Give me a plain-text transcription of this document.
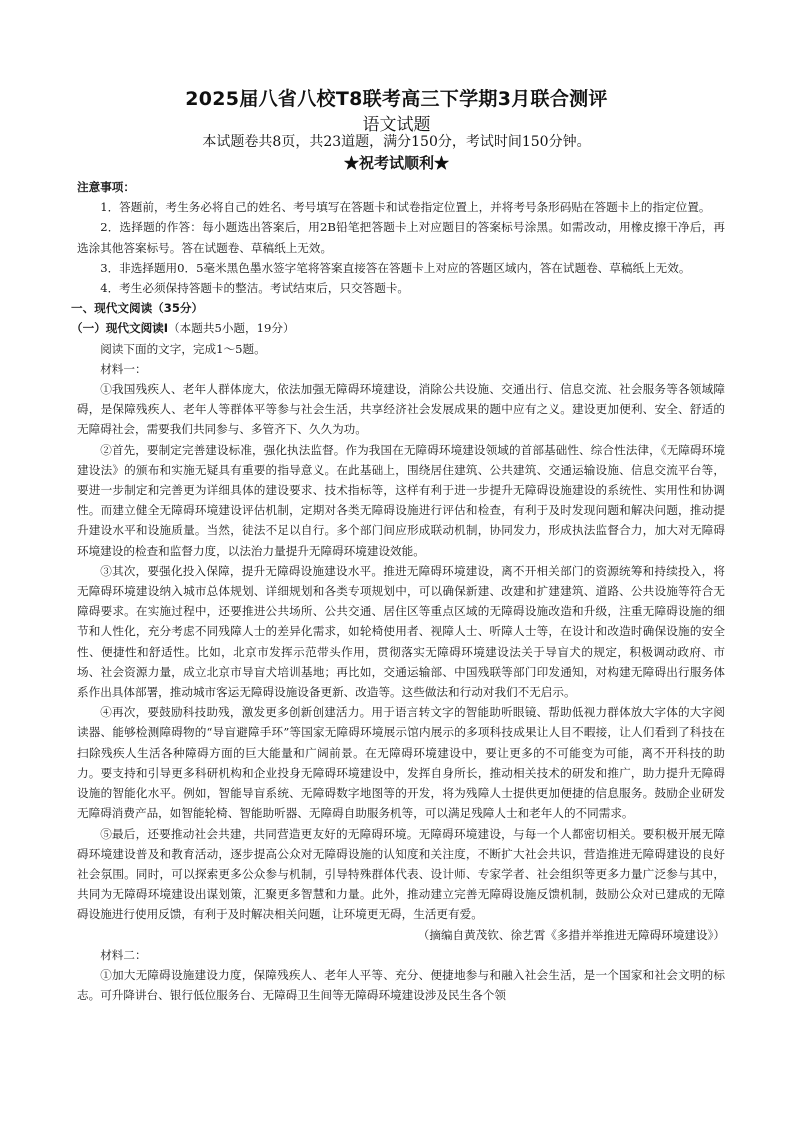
2025届八省八校T8联考高三下学期3月联合测评
语文试题
本试题卷共8页，共23道题，满分150分，考试时间150分钟。
★祝考试顺利★

注意事项：

1．答题前，考生务必将自己的姓名、考号填写在答题卡和试卷指定位置上，并将考号条形码贴在答题卡上的指定位置。

2．选择题的作答：每小题选出答案后，用2B铅笔把答题卡上对应题目的答案标号涂黑。如需改动，用橡皮擦干净后，再选涂其他答案标号。答在试题卷、草稿纸上无效。

3．非选择题用0．5毫米黑色墨水签字笔将答案直接答在答题卡上对应的答题区域内，答在试题卷、草稿纸上无效。

4．考生必须保持答题卡的整洁。考试结束后，只交答题卡。

一、现代文阅读（35分）

（一）现代文阅读Ⅰ（本题共5小题，19分）

阅读下面的文字，完成1～5题。

材料一：

①我国残疾人、老年人群体庞大，依法加强无障碍环境建设，消除公共设施、交通出行、信息交流、社会服务等各领域障碍，是保障残疾人、老年人等群体平等参与社会生活，共享经济社会发展成果的题中应有之义。建设更加便利、安全、舒适的无障碍社会，需要我们共同参与、多管齐下、久久为功。

②首先，要制定完善建设标准，强化执法监督。作为我国在无障碍环境建设领域的首部基础性、综合性法律，《无障碍环境建设法》的颁布和实施无疑具有重要的指导意义。在此基础上，围绕居住建筑、公共建筑、交通运输设施、信息交流平台等，要进一步制定和完善更为详细具体的建设要求、技术指标等，这样有利于进一步提升无障碍设施建设的系统性、实用性和协调性。而建立健全无障碍环境建设评估机制，定期对各类无障碍设施进行评估和检查，有利于及时发现问题和解决问题，推动提升建设水平和设施质量。当然，徒法不足以自行。多个部门间应形成联动机制，协同发力，形成执法监督合力，加大对无障碍环境建设的检查和监督力度，以法治力量提升无障碍环境建设效能。

③其次，要强化投入保障，提升无障碍设施建设水平。推进无障碍环境建设，离不开相关部门的资源统筹和持续投入，将无障碍环境建设纳入城市总体规划、详细规划和各类专项规划中，可以确保新建、改建和扩建建筑、道路、公共设施等符合无障碍要求。在实施过程中，还要推进公共场所、公共交通、居住区等重点区域的无障碍设施改造和升级，注重无障碍设施的细节和人性化，充分考虑不同残障人士的差异化需求，如轮椅使用者、视障人士、听障人士等，在设计和改造时确保设施的安全性、便捷性和舒适性。比如，北京市发挥示范带头作用，贯彻落实无障碍环境建设法关于导盲犬的规定，积极调动政府、市场、社会资源力量，成立北京市导盲犬培训基地；再比如，交通运输部、中国残联等部门印发通知，对构建无障碍出行服务体系作出具体部署，推动城市客运无障碍设施设备更新、改造等。这些做法和行动对我们不无启示。

④再次，要鼓励科技助残，激发更多创新创建活力。用于语言转文字的智能助听眼镜、帮助低视力群体放大字体的大字阅读器、能够检测障碍物的“导盲避障手环”等国家无障碍环境展示馆内展示的多项科技成果让人目不暇接，让人们看到了科技在扫除残疾人生活各种障碍方面的巨大能量和广阔前景。在无障碍环境建设中，要让更多的不可能变为可能，离不开科技的助力。要支持和引导更多科研机构和企业投身无障碍环境建设中，发挥自身所长，推动相关技术的研发和推广，助力提升无障碍设施的智能化水平。例如，智能导盲系统、无障碍数字地图等的开发，将为残障人士提供更加便捷的信息服务。鼓励企业研发无障碍消费产品，如智能轮椅、智能助听器、无障碍自助服务机等，可以满足残障人士和老年人的不同需求。

⑤最后，还要推动社会共建，共同营造更友好的无障碍环境。无障碍环境建设，与每一个人都密切相关。要积极开展无障碍环境建设普及和教育活动，逐步提高公众对无障碍设施的认知度和关注度，不断扩大社会共识，营造推进无障碍建设的良好社会氛围。同时，可以探索更多公众参与机制，引导特殊群体代表、设计师、专家学者、社会组织等更多力量广泛参与其中，共同为无障碍环境建设出谋划策，汇聚更多智慧和力量。此外，推动建立完善无障碍设施反馈机制，鼓励公众对已建成的无障碍设施进行使用反馈，有利于及时解决相关问题，让环境更无碍，生活更有爱。

（摘编自黄茂钦、徐艺霄《多措并举推进无障碍环境建设》）

材料二：

①加大无障碍设施建设力度，保障残疾人、老年人平等、充分、便捷地参与和融入社会生活，是一个国家和社会文明的标志。可升降讲台、银行低位服务台、无障碍卫生间等无障碍环境建设涉及民生各个领
